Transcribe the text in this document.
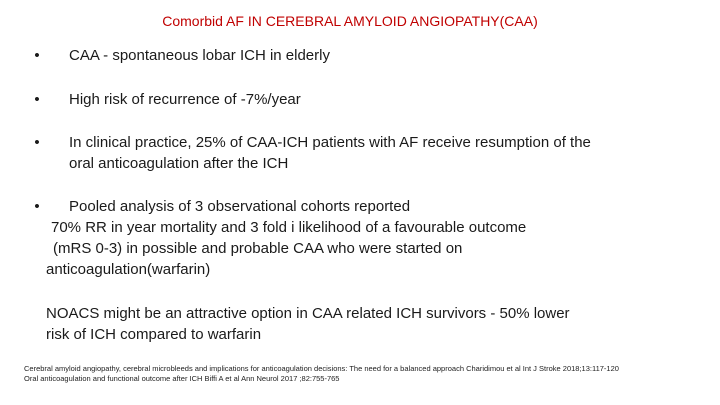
Comorbid AF IN CEREBRAL AMYLOID ANGIOPATHY(CAA)
• CAA - spontaneous lobar ICH in elderly
• High risk of recurrence of -7%/year
• In clinical practice, 25% of CAA-ICH patients with AF receive resumption of the
oral anticoagulation after the ICH
• Pooled analysis of 3 observational cohorts reported
70% RR in year mortality and 3 fold i likelihood of a favourable outcome
(mRS 0-3) in possible and probable CAA who were started on
anticoagulation(warfarin)
NOACS might be an attractive option in CAA related ICH survivors - 50% lower
risk of ICH compared to warfarin
Cerebral amyloid angiopathy, cerebral microbleeds and implications for anticoagulation decisions: The need for a balanced approach Charidimou et al Int J Stroke 2018;13:117-120
Oral anticoagulation and functional outcome after ICH Biffi A et al Ann Neurol 2017 ;82:755-765
